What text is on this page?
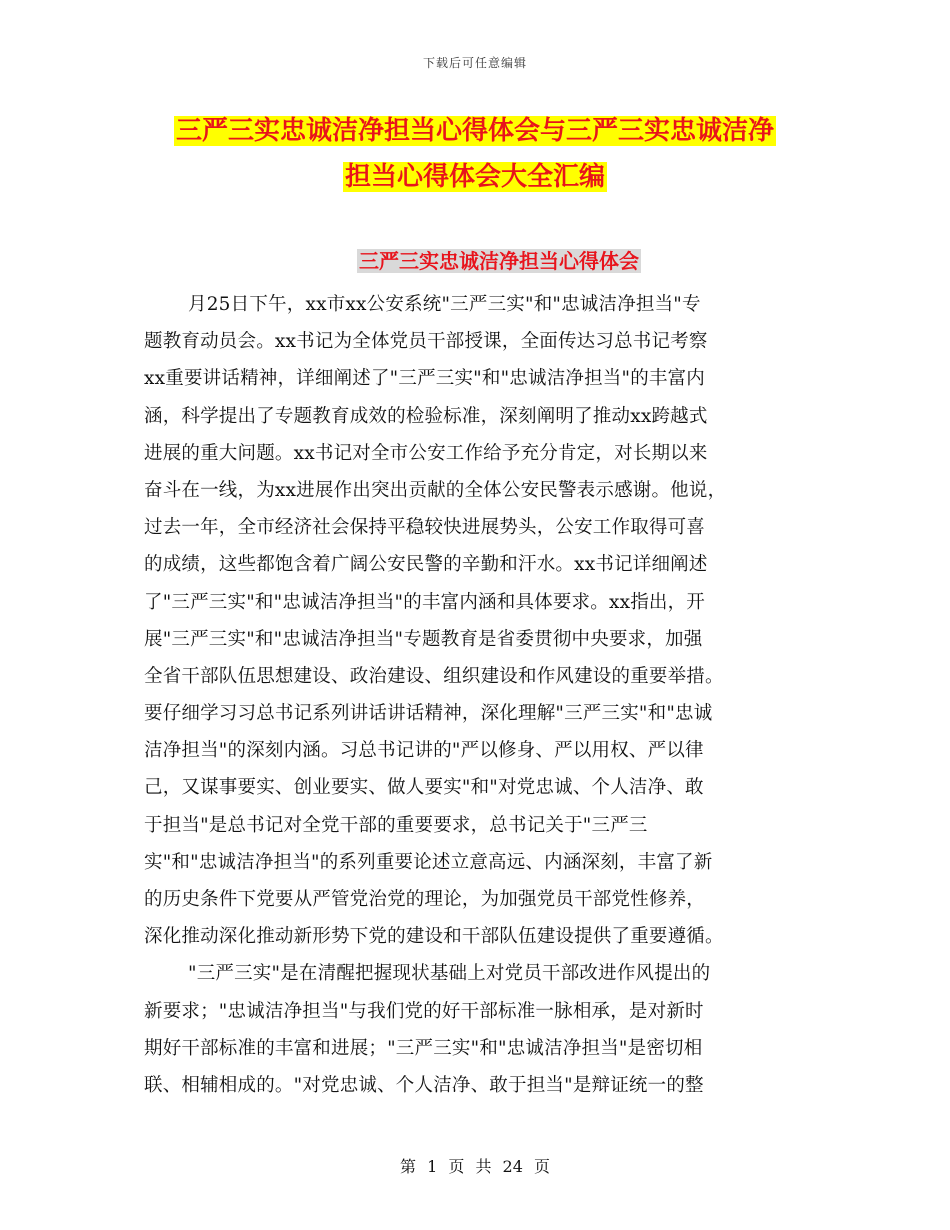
下载后可任意编辑
三严三实忠诚洁净担当心得体会与三严三实忠诚洁净
担当心得体会大全汇编
三严三实忠诚洁净担当心得体会
月25日下午，xx市xx公安系统"三严三实"和"忠诚洁净担当"专
题教育动员会。xx书记为全体党员干部授课，全面传达习总书记考察
xx重要讲话精神，详细阐述了"三严三实"和"忠诚洁净担当"的丰富内
涵，科学提出了专题教育成效的检验标准，深刻阐明了推动xx跨越式
进展的重大问题。xx书记对全市公安工作给予充分肯定，对长期以来
奋斗在一线，为xx进展作出突出贡献的全体公安民警表示感谢。他说，
过去一年，全市经济社会保持平稳较快进展势头，公安工作取得可喜
的成绩，这些都饱含着广阔公安民警的辛勤和汗水。xx书记详细阐述
了"三严三实"和"忠诚洁净担当"的丰富内涵和具体要求。xx指出，开
展"三严三实"和"忠诚洁净担当"专题教育是省委贯彻中央要求，加强
全省干部队伍思想建设、政治建设、组织建设和作风建设的重要举措。
要仔细学习习总书记系列讲话讲话精神，深化理解"三严三实"和"忠诚
洁净担当"的深刻内涵。习总书记讲的"严以修身、严以用权、严以律
己，又谋事要实、创业要实、做人要实"和"对党忠诚、个人洁净、敢
于担当"是总书记对全党干部的重要要求，总书记关于"三严三
实"和"忠诚洁净担当"的系列重要论述立意高远、内涵深刻，丰富了新
的历史条件下党要从严管党治党的理论，为加强党员干部党性修养，
深化推动深化推动新形势下党的建设和干部队伍建设提供了重要遵循。
"三严三实"是在清醒把握现状基础上对党员干部改进作风提出的
新要求；"忠诚洁净担当"与我们党的好干部标准一脉相承，是对新时
期好干部标准的丰富和进展；"三严三实"和"忠诚洁净担当"是密切相
联、相辅相成的。"对党忠诚、个人洁净、敢于担当"是辩证统一的整
第 1 页 共 24 页
